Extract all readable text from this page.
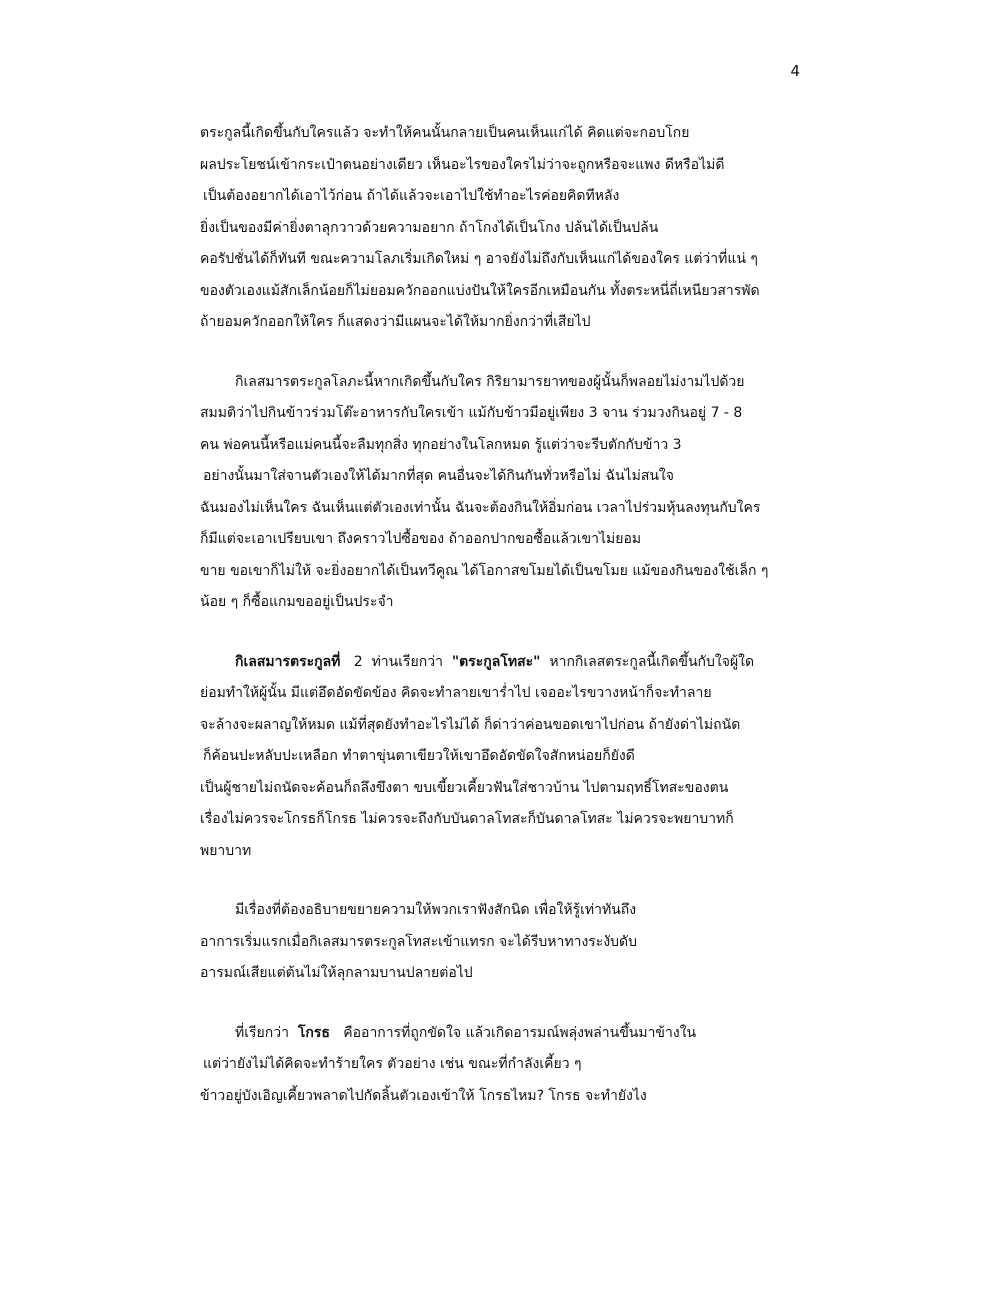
4
ตระกูลนี้เกิดขึ้นกับใครแล้ว จะทำให้คนนั้นกลายเป็นคนเห็นแก่ได้ คิดแต่จะกอบโกย
ผลประโยชน์เข้ากระเป๋าตนอย่างเดียว เห็นอะไรของใครไม่ว่าจะถูกหรือจะแพง ดีหรือไม่ดี
เป็นต้องอยากได้เอาไว้ก่อน ถ้าได้แล้วจะเอาไปใช้ทำอะไรค่อยคิดทีหลัง
ยิ่งเป็นของมีค่ายิ่งตาลุกวาวด้วยความอยาก ถ้าโกงได้เป็นโกง ปล้นได้เป็นปล้น
คอรัปชั่นได้ก็ทันที ขณะความโลภเริ่มเกิดใหม่ ๆ อาจยังไม่ถึงกับเห็นแก่ได้ของใคร แต่ว่าที่แน่ ๆ
ของตัวเองแม้สักเล็กน้อยก็ไม่ยอมควักออกแบ่งปันให้ใครอีกเหมือนกัน ทั้งตระหนี่ถี่เหนียวสารพัด
ถ้ายอมควักออกให้ใคร ก็แสดงว่ามีแผนจะได้ให้มากยิ่งกว่าที่เสียไป
กิเลสมารตระกูลโลภะนี้หากเกิดขึ้นกับใคร กิริยามารยาทของผู้นั้นก็พลอยไม่งามไปด้วย
สมมติว่าไปกินข้าวร่วมโต๊ะอาหารกับใครเข้า แม้กับข้าวมีอยู่เพียง 3 จาน ร่วมวงกินอยู่ 7 - 8
คน พ่อคนนี้หรือแม่คนนี้จะลืมทุกสิ่ง ทุกอย่างในโลกหมด รู้แต่ว่าจะรีบตักกับข้าว 3
อย่างนั้นมาใส่จานตัวเองให้ได้มากที่สุด คนอื่นจะได้กินกันทั่วหรือไม่ ฉันไม่สนใจ
ฉันมองไม่เห็นใคร ฉันเห็นแต่ตัวเองเท่านั้น ฉันจะต้องกินให้อิ่มก่อน เวลาไปร่วมหุ้นลงทุนกับใคร
ก็มีแต่จะเอาเปรียบเขา ถึงคราวไปซื้อของ ถ้าออกปากขอซื้อแล้วเขาไม่ยอม
ขาย ขอเขาก็ไม่ให้ จะยิ่งอยากได้เป็นทวีคูณ ได้โอกาสขโมยได้เป็นขโมย แม้ของกินของใช้เล็ก ๆ
น้อย ๆ ก็ซื้อแกมขออยู่เป็นประจำ
กิเลสมารตระกูลที่   2  ท่านเรียกว่า  "ตระกูลโทสะ"  หากกิเลสตระกูลนี้เกิดขึ้นกับใจผู้ใด
ย่อมทำให้ผู้นั้น มีแต่อึดอัดขัดข้อง คิดจะทำลายเขาร่ำไป เจออะไรขวางหน้าก็จะทำลาย
จะล้างจะผลาญให้หมด แม้ที่สุดยังทำอะไรไม่ได้ ก็ด่าว่าค่อนขอดเขาไปก่อน ถ้ายังด่าไม่ถนัด
ก็ค้อนปะหลับปะเหลือก ทำตาขุ่นตาเขียวให้เขาอึดอัดขัดใจสักหน่อยก็ยังดี
เป็นผู้ชายไม่ถนัดจะค้อนก็ถลึงขึงตา ขบเขี้ยวเคี้ยวฟันใส่ชาวบ้าน ไปตามฤทธิ์โทสะของตน
เรื่องไม่ควรจะโกรธก็โกรธ ไม่ควรจะถึงกับบันดาลโทสะก็บันดาลโทสะ ไม่ควรจะพยาบาทก็
พยาบาท
มีเรื่องที่ต้องอธิบายขยายความให้พวกเราฟังสักนิด เพื่อให้รู้เท่าทันถึง
อาการเริ่มแรกเมื่อกิเลสมารตระกูลโทสะเข้าแทรก จะได้รีบหาทางระงับดับ
อารมณ์เสียแต่ต้นไม่ให้ลุกลามบานปลายต่อไป
ที่เรียกว่า  โกรธ   คืออาการที่ถูกขัดใจ แล้วเกิดอารมณ์พลุ่งพล่านขึ้นมาข้างใน
แต่ว่ายังไม่ได้คิดจะทำร้ายใคร ตัวอย่าง เช่น ขณะที่กำลังเคี้ยว ๆ
ข้าวอยู่บังเอิญเคี้ยวพลาดไปกัดลิ้นตัวเองเข้าให้ โกรธไหม? โกรธ จะทำยังไง
